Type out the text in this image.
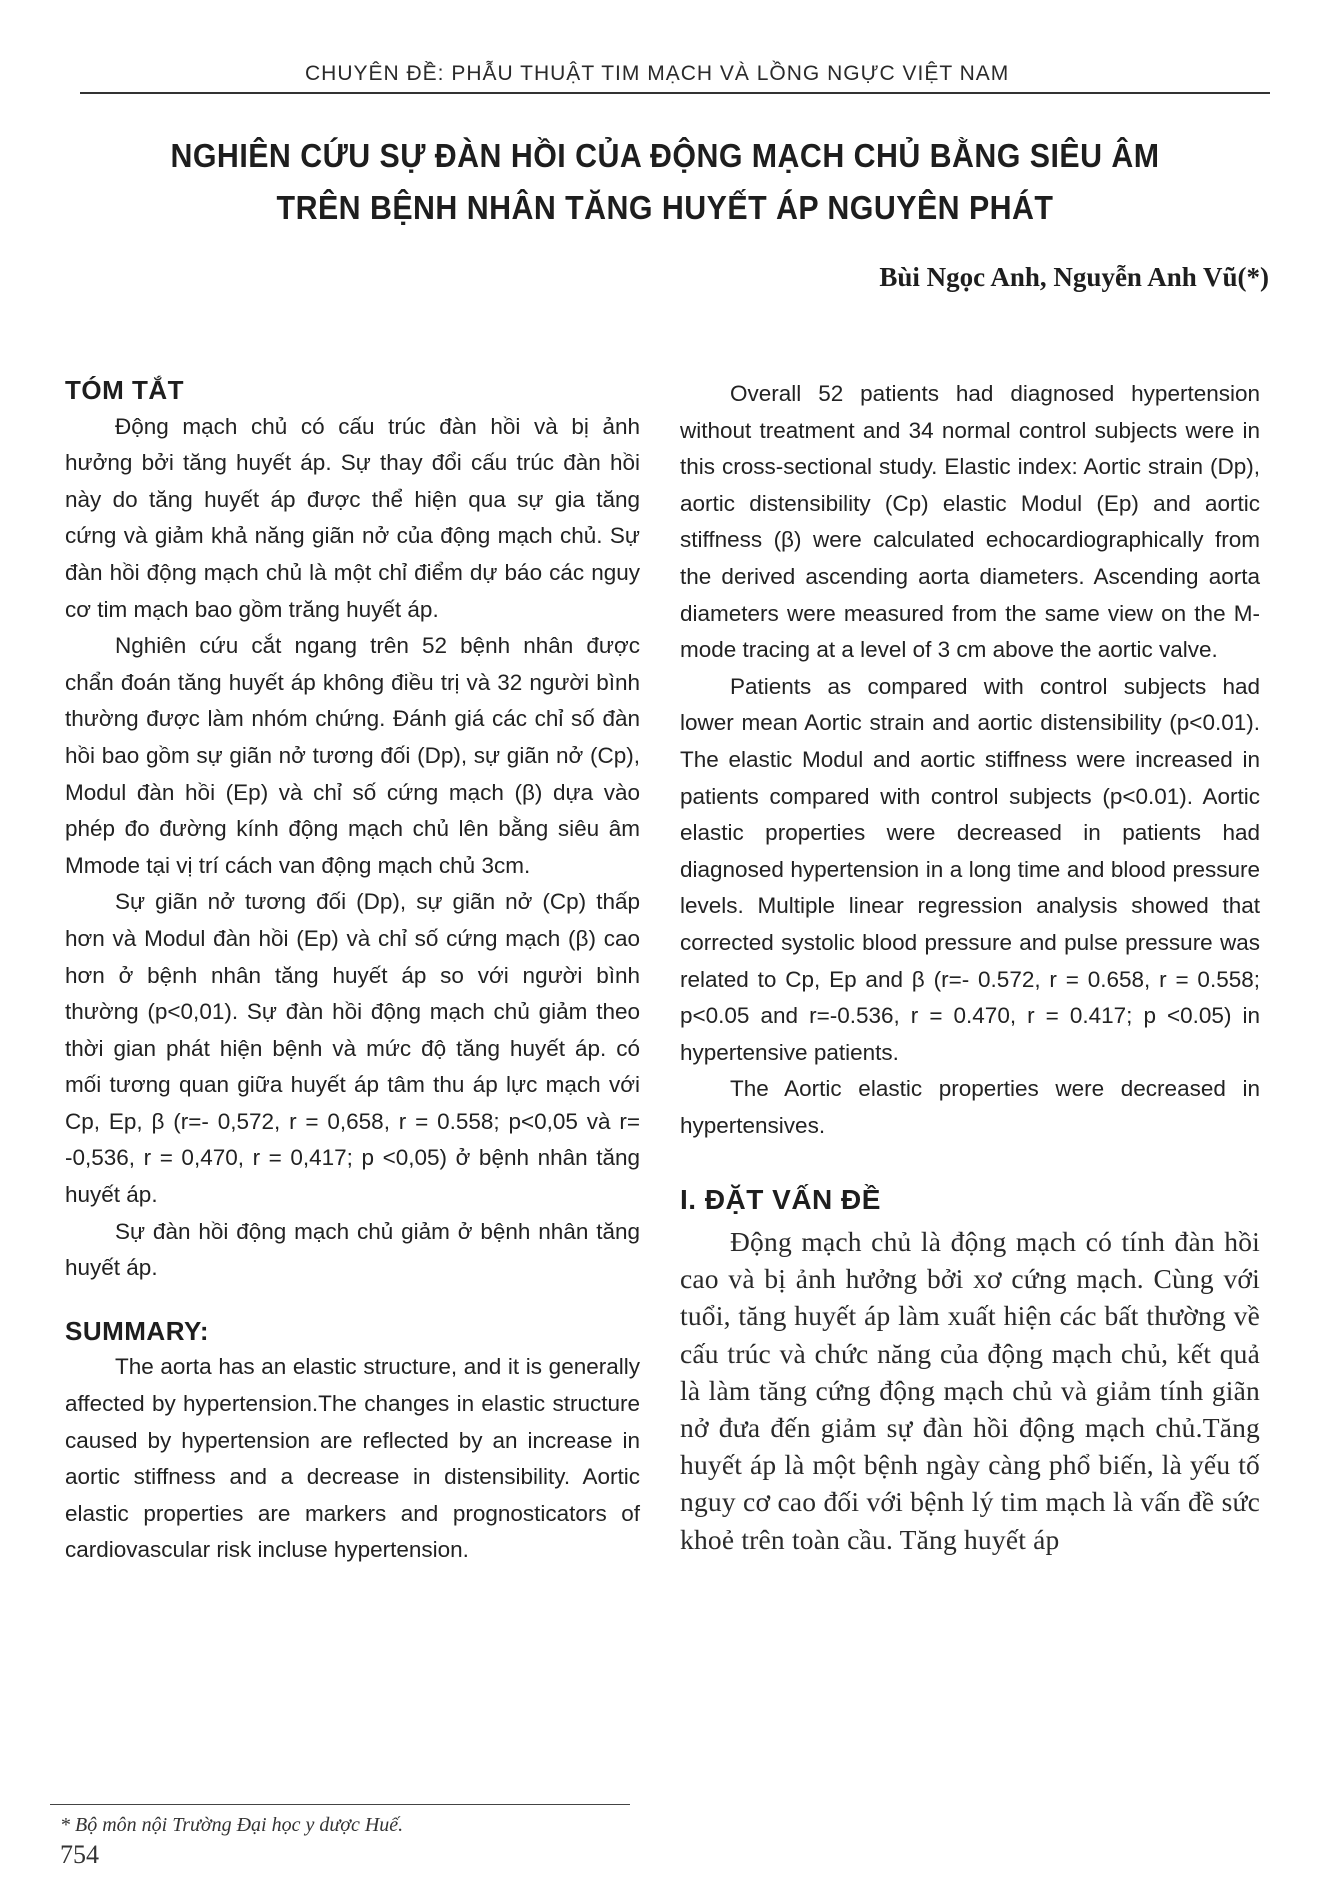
CHUYÊN ĐỀ: PHẪU THUẬT TIM MẠCH VÀ LỒNG NGỰC VIỆT NAM
NGHIÊN CỨU SỰ ĐÀN HỒI CỦA ĐỘNG MẠCH CHỦ BẰNG SIÊU ÂM
TRÊN BỆNH NHÂN TĂNG HUYẾT ÁP NGUYÊN PHÁT
Bùi Ngọc Anh, Nguyễn Anh Vũ(*)
TÓM TẮT

Động mạch chủ có cấu trúc đàn hồi và bị ảnh hưởng bởi tăng huyết áp. Sự thay đổi cấu trúc đàn hồi này do tăng huyết áp được thể hiện qua sự gia tăng cứng và giảm khả năng giãn nở của động mạch chủ. Sự đàn hồi động mạch chủ là một chỉ điểm dự báo các nguy cơ tim mạch bao gồm trăng huyết áp.

Nghiên cứu cắt ngang trên 52 bệnh nhân được chẩn đoán tăng huyết áp không điều trị và 32 người bình thường được làm nhóm chứng. Đánh giá các chỉ số đàn hồi bao gồm sự giãn nở tương đối (Dp), sự giãn nở (Cp), Modul đàn hồi (Ep) và chỉ số cứng mạch (β) dựa vào phép đo đường kính động mạch chủ lên bằng siêu âm Mmode tại vị trí cách van động mạch chủ 3cm.

Sự giãn nở tương đối (Dp), sự giãn nở (Cp) thấp hơn và Modul đàn hồi (Ep) và chỉ số cứng mạch (β) cao hơn ở bệnh nhân tăng huyết áp so với người bình thường (p<0,01). Sự đàn hồi động mạch chủ giảm theo thời gian phát hiện bệnh và mức độ tăng huyết áp. có mối tương quan giữa huyết áp tâm thu áp lực mạch với Cp, Ep, β (r=- 0,572, r = 0,658, r = 0.558; p<0,05 và r= -0,536, r = 0,470, r = 0,417; p <0,05) ở bệnh nhân tăng huyết áp.

Sự đàn hồi động mạch chủ giảm ở bệnh nhân tăng huyết áp.

SUMMARY:

The aorta has an elastic structure, and it is generally affected by hypertension.The changes in elastic structure caused by hypertension are reflected by an increase in aortic stiffness and a decrease in distensibility. Aortic elastic properties are markers and prognosticators of cardiovascular risk incluse hypertension.

Overall 52 patients had diagnosed hypertension without treatment and 34 normal control subjects were in this cross-sectional study. Elastic index: Aortic strain (Dp), aortic distensibility (Cp) elastic Modul (Ep) and aortic stiffness (β) were calculated echocardiographically from the derived ascending aorta diameters. Ascending aorta diameters were measured from the same view on the M-mode tracing at a level of 3 cm above the aortic valve.

Patients as compared with control subjects had lower mean Aortic strain and aortic distensibility (p<0.01). The elastic Modul and aortic stiffness were increased in patients compared with control subjects (p<0.01). Aortic elastic properties were decreased in patients had diagnosed hypertension in a long time and blood pressure levels. Multiple linear regression analysis showed that corrected systolic blood pressure and pulse pressure was related to Cp, Ep and β (r=- 0.572, r = 0.658, r = 0.558; p<0.05 and r=-0.536, r = 0.470, r = 0.417; p <0.05) in hypertensive patients.

The Aortic elastic properties were decreased in hypertensives.

I. ĐẶT VẤN ĐỀ

Động mạch chủ là động mạch có tính đàn hồi cao và bị ảnh hưởng bởi xơ cứng mạch. Cùng với tuổi, tăng huyết áp làm xuất hiện các bất thường về cấu trúc và chức năng của động mạch chủ, kết quả là làm tăng cứng động mạch chủ và giảm tính giãn nở đưa đến giảm sự đàn hồi động mạch chủ.Tăng huyết áp là một bệnh ngày càng phổ biến, là yếu tố nguy cơ cao đối với bệnh lý tim mạch là vấn đề sức khoẻ trên toàn cầu. Tăng huyết áp

* Bộ môn nội Trường Đại học y dược Huế.
754
